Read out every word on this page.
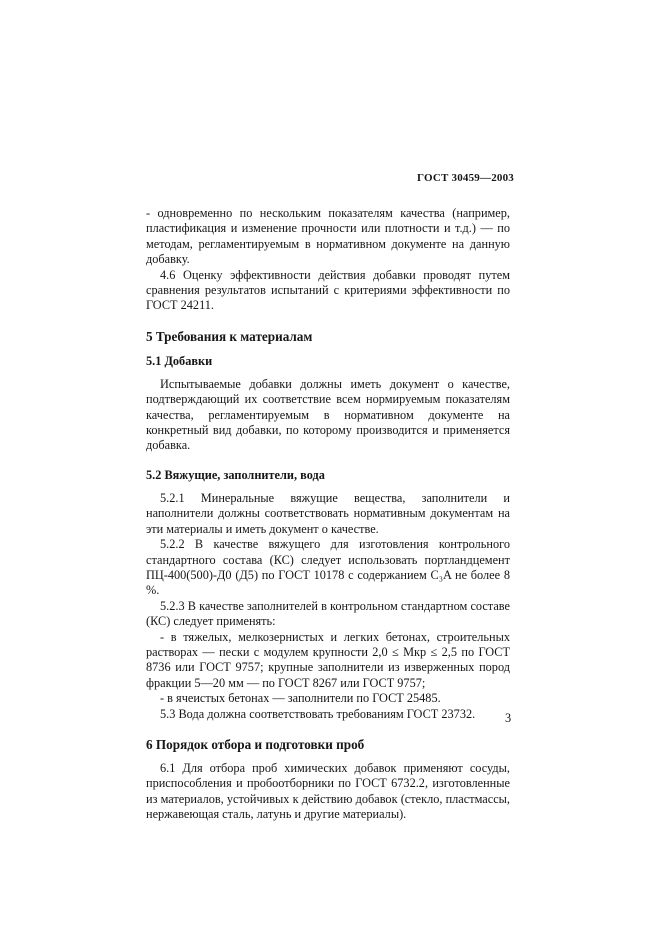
ГОСТ 30459—2003

- одновременно по нескольким показателям качества (например, пластификация и изменение прочности или плотности и т.д.) — по методам, регламентируемым в нормативном документе на данную добавку.

4.6 Оценку эффективности действия добавки проводят путем сравнения результатов испытаний с критериями эффективности по ГОСТ 24211.

5 Требования к материалам
5.1 Добавки

Испытываемые добавки должны иметь документ о качестве, подтверждающий их соответствие всем нормируемым показателям качества, регламентируемым в нормативном документе на конкретный вид добавки, по которому производится и применяется добавка.

5.2 Вяжущие, заполнители, вода

5.2.1 Минеральные вяжущие вещества, заполнители и наполнители должны соответствовать нормативным документам на эти материалы и иметь документ о качестве.

5.2.2 В качестве вяжущего для изготовления контрольного стандартного состава (КС) следует использовать портландцемент ПЦ-400(500)-Д0 (Д5) по ГОСТ 10178 с содержанием C₃A не более 8 %.

5.2.3 В качестве заполнителей в контрольном стандартном составе (КС) следует применять:

- в тяжелых, мелкозернистых и легких бетонах, строительных растворах — пески с модулем крупности 2,0 ≤ Mкр ≤ 2,5 по ГОСТ 8736 или ГОСТ 9757; крупные заполнители из изверженных пород фракции 5—20 мм — по ГОСТ 8267 или ГОСТ 9757;

- в ячеистых бетонах — заполнители по ГОСТ 25485.

5.3 Вода должна соответствовать требованиям ГОСТ 23732.

6 Порядок отбора и подготовки проб

6.1 Для отбора проб химических добавок применяют сосуды, приспособления и пробоотборники по ГОСТ 6732.2, изготовленные из материалов, устойчивых к действию добавок (стекло, пластмассы, нержавеющая сталь, латунь и другие материалы).

3
